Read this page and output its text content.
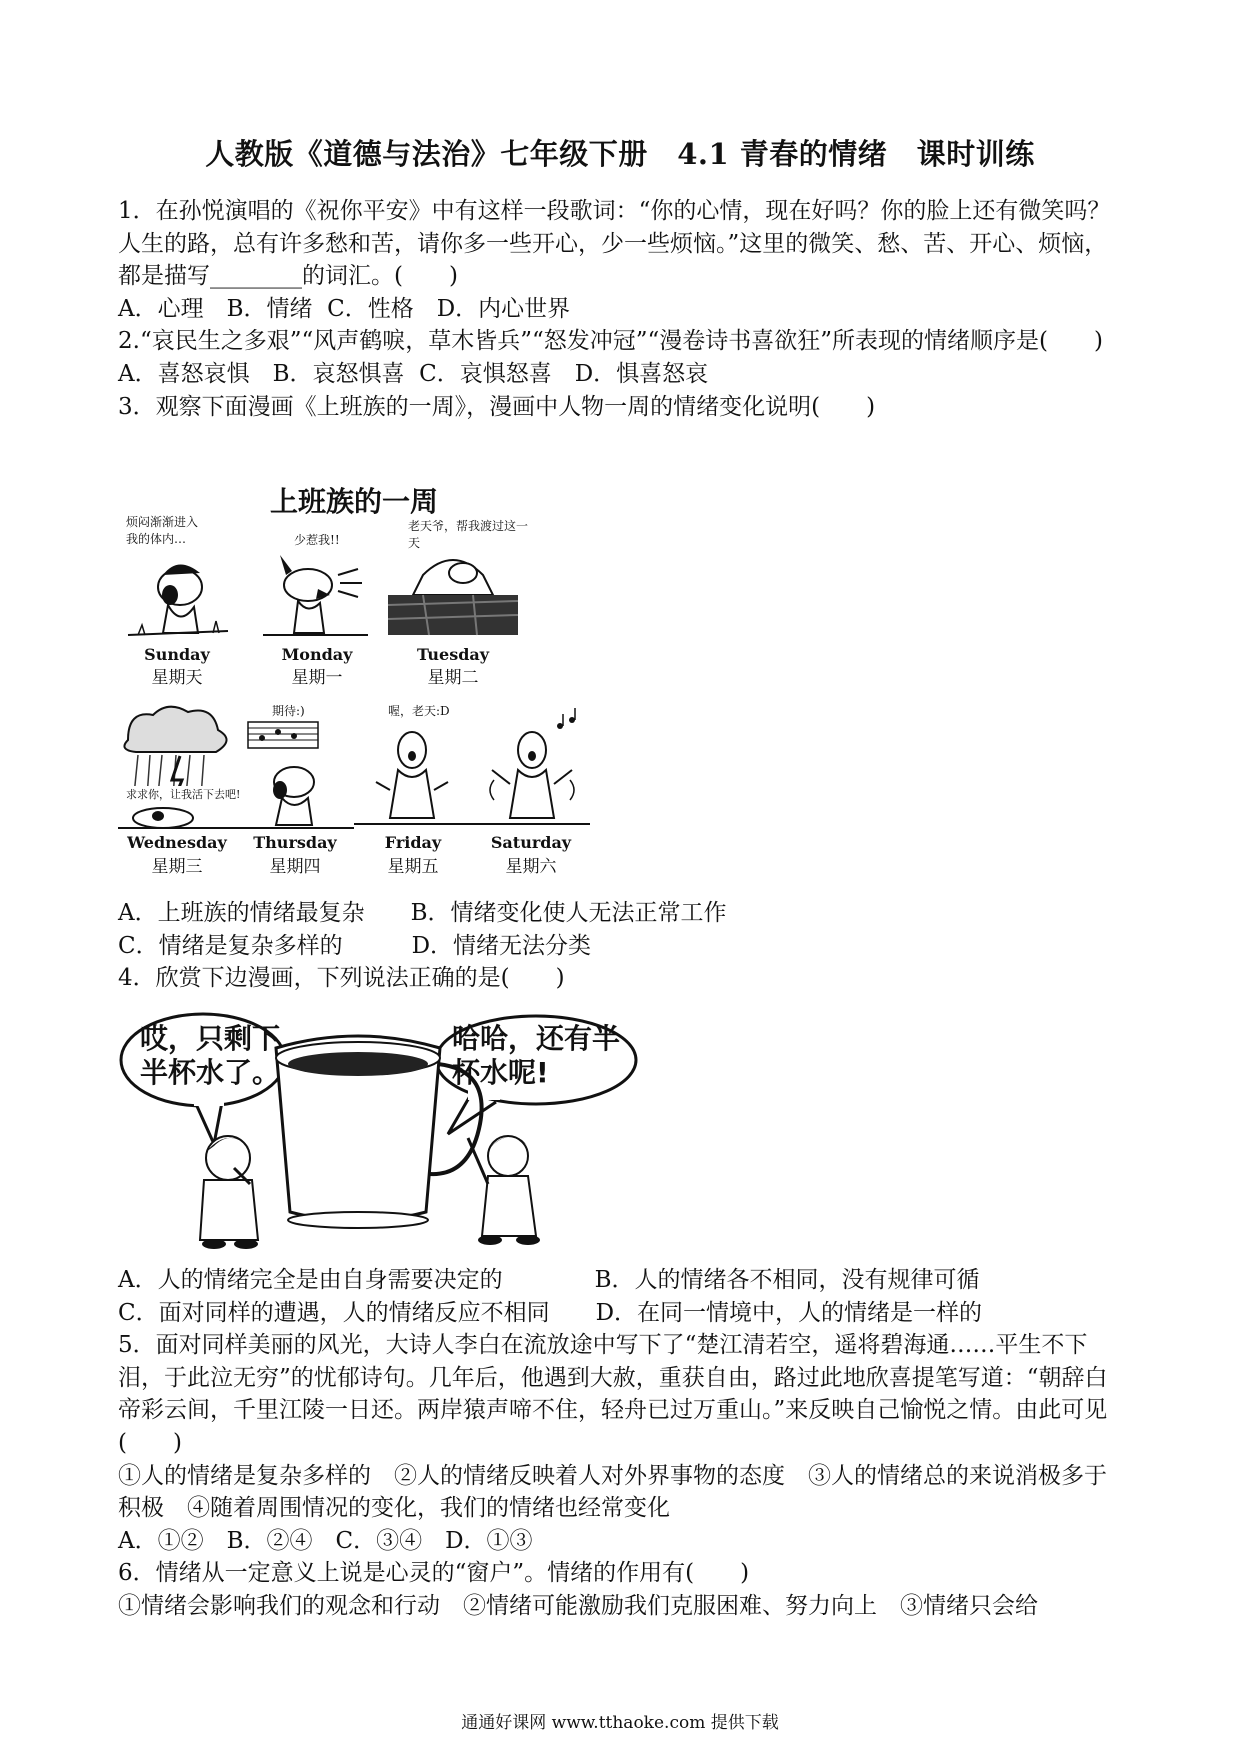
人教版《道德与法治》七年级下册　4.1 青春的情绪　课时训练

1．在孙悦演唱的《祝你平安》中有这样一段歌词：“你的心情，现在好吗？你的脸上还有微笑吗？人生的路，总有许多愁和苦，请你多一些开心，少一些烦恼。”这里的微笑、愁、苦、开心、烦恼，都是描写________的词汇。(　　)

A．心理　B．情绪  C．性格　D．内心世界

2.“哀民生之多艰”“风声鹤唳，草木皆兵”“怒发冲冠”“漫卷诗书喜欲狂”所表现的情绪顺序是(　　)

A．喜怒哀惧　B．哀怒惧喜  C．哀惧怒喜　D．惧喜怒哀

3．观察下面漫画《上班族的一周》，漫画中人物一周的情绪变化说明(　　)

上班族的一周
烦闷渐渐进入
我的体内…
Sunday
星期天
少惹我!!
Monday
星期一
老天爷，帮我渡过这一天
Tuesday
星期二
求求你，让我活下去吧!
Wednesday
星期三
期待:)
Thursday
星期四
喔，老天:D
Friday
星期五
Saturday
星期六

A．上班族的情绪最复杂　　B．情绪变化使人无法正常工作

C．情绪是复杂多样的　　　D．情绪无法分类

4．欣赏下边漫画，下列说法正确的是(　　)

哎，只剩下
半杯水了。
哈哈，还有半
杯水呢!

A．人的情绪完全是由自身需要决定的　　　　B．人的情绪各不相同，没有规律可循

C．面对同样的遭遇，人的情绪反应不相同　　D．在同一情境中，人的情绪是一样的

5．面对同样美丽的风光，大诗人李白在流放途中写下了“楚江清若空，遥将碧海通……平生不下泪，于此泣无穷”的忧郁诗句。几年后，他遇到大赦，重获自由，路过此地欣喜提笔写道：“朝辞白帝彩云间，千里江陵一日还。两岸猿声啼不住，轻舟已过万重山。”来反映自己愉悦之情。由此可见(　　)

①人的情绪是复杂多样的　②人的情绪反映着人对外界事物的态度　③人的情绪总的来说消极多于积极　④随着周围情况的变化，我们的情绪也经常变化

A．①②　B．②④　C．③④　D．①③

6．情绪从一定意义上说是心灵的“窗户”。情绪的作用有(　　)

①情绪会影响我们的观念和行动　②情绪可能激励我们克服困难、努力向上　③情绪只会给

通通好课网 www.tthaoke.com 提供下载
